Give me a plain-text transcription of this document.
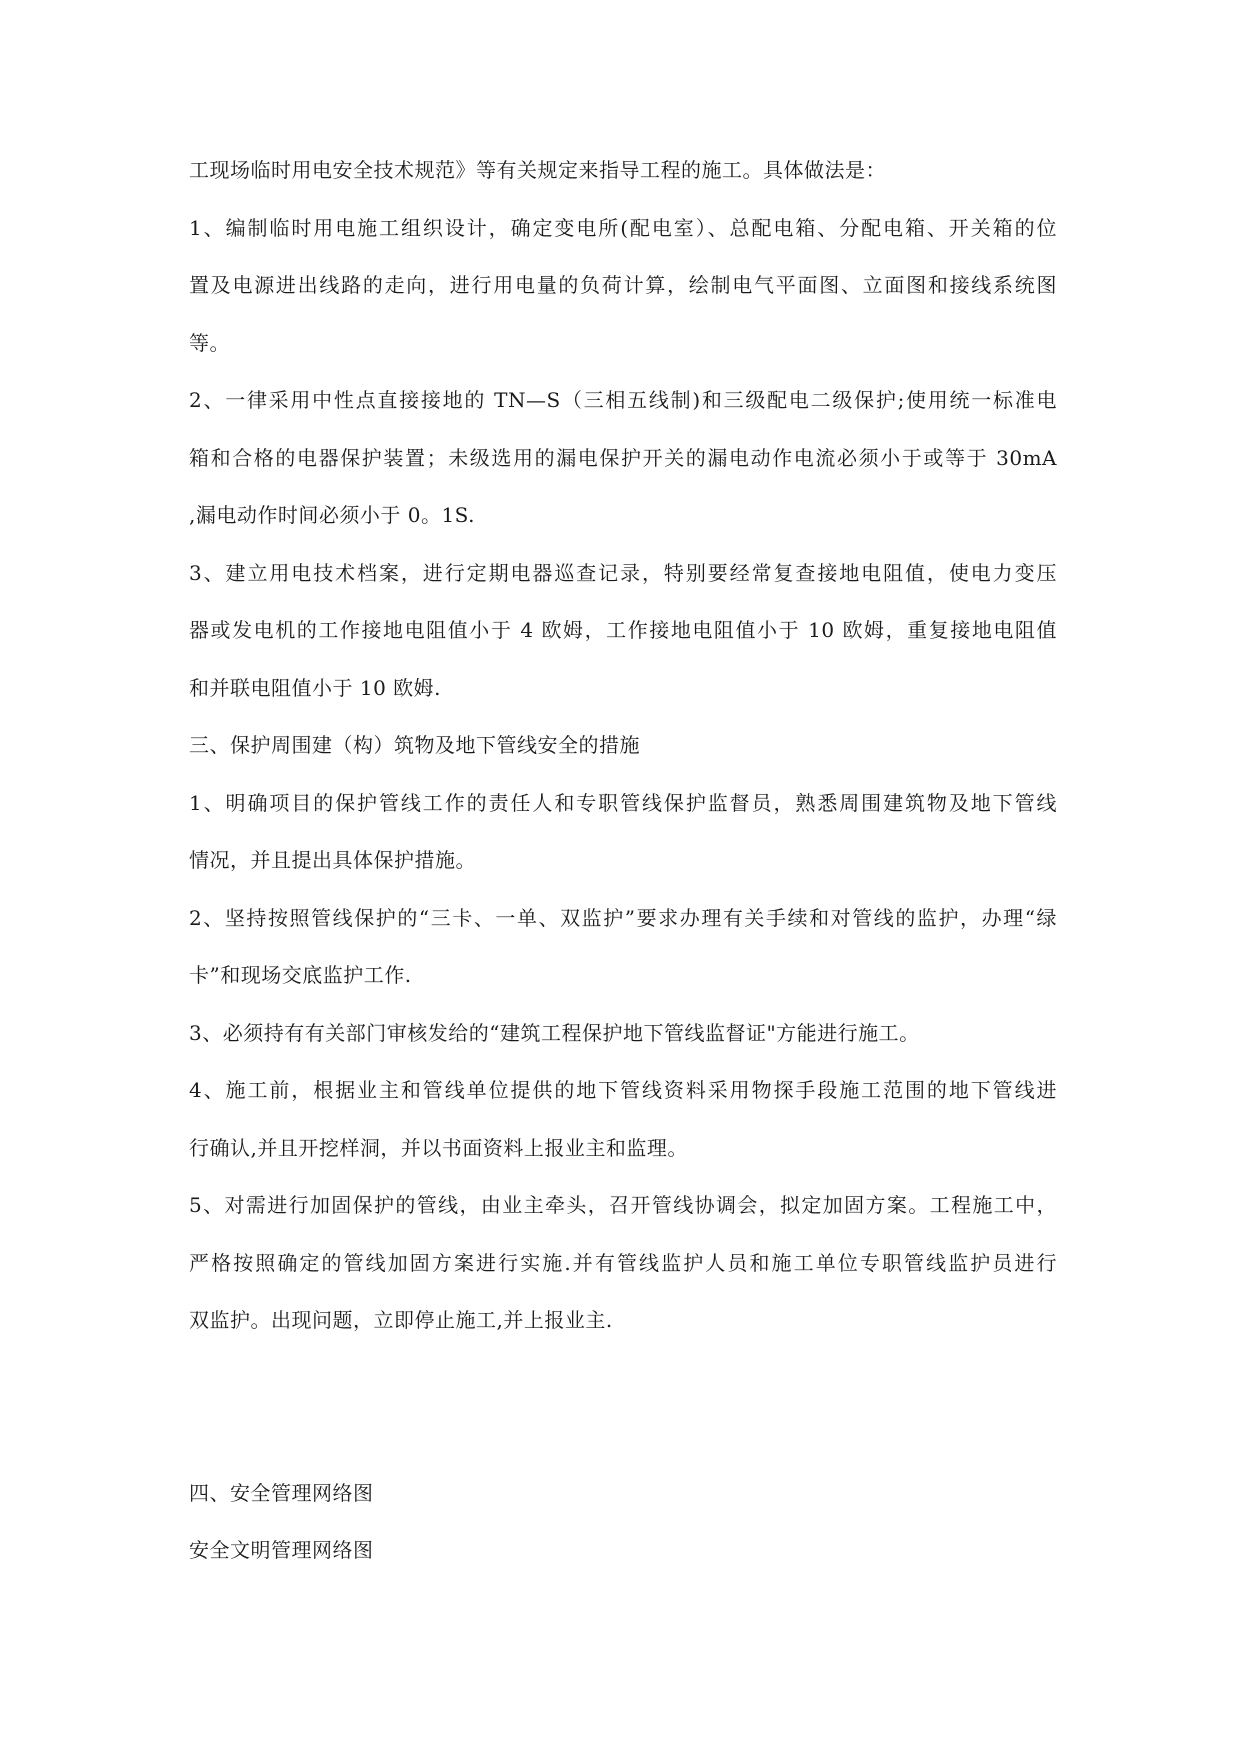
工现场临时用电安全技术规范》等有关规定来指导工程的施工。具体做法是：
1、编制临时用电施工组织设计，确定变电所(配电室）、总配电箱、分配电箱、开关箱的位
置及电源进出线路的走向，进行用电量的负荷计算，绘制电气平面图、立面图和接线系统图
等。
2、一律采用中性点直接接地的 TN—S（三相五线制)和三级配电二级保护;使用统一标准电
箱和合格的电器保护装置；未级选用的漏电保护开关的漏电动作电流必须小于或等于 30mA
,漏电动作时间必须小于 0。1S.
3、建立用电技术档案，进行定期电器巡查记录，特别要经常复查接地电阻值，使电力变压
器或发电机的工作接地电阻值小于 4 欧姆，工作接地电阻值小于 10 欧姆，重复接地电阻值
和并联电阻值小于 10 欧姆.
三、保护周围建（构）筑物及地下管线安全的措施
1、明确项目的保护管线工作的责任人和专职管线保护监督员，熟悉周围建筑物及地下管线
情况，并且提出具体保护措施。
2、坚持按照管线保护的“三卡、一单、双监护”要求办理有关手续和对管线的监护，办理“绿
卡”和现场交底监护工作.
3、必须持有有关部门审核发给的“建筑工程保护地下管线监督证"方能进行施工。
4、施工前，根据业主和管线单位提供的地下管线资料采用物探手段施工范围的地下管线进
行确认,并且开挖样洞，并以书面资料上报业主和监理。
5、对需进行加固保护的管线，由业主牵头，召开管线协调会，拟定加固方案。工程施工中，
严格按照确定的管线加固方案进行实施.并有管线监护人员和施工单位专职管线监护员进行
双监护。出现问题，立即停止施工,并上报业主.
四、安全管理网络图
安全文明管理网络图
